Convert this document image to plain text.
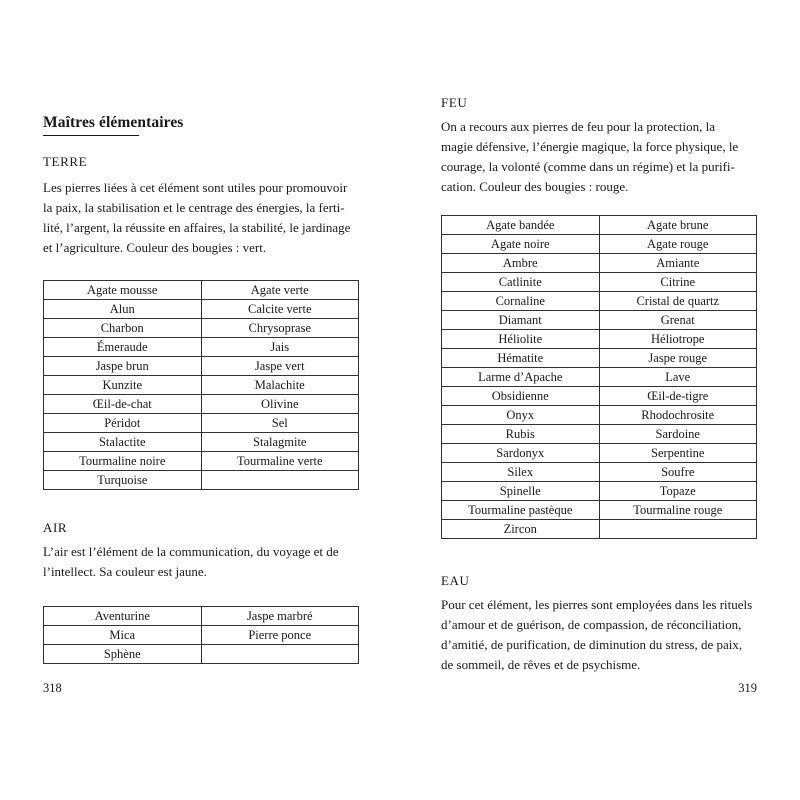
Maîtres élémentaires
TERRE
Les pierres liées à cet élément sont utiles pour promouvoir
la paix, la stabilisation et le centrage des énergies, la ferti-
lité, l’argent, la réussite en affaires, la stabilité, le jardinage
et l’agriculture. Couleur des bougies : vert.
Agate mousse	Agate verte
Alun	Calcite verte
Charbon	Chrysoprase
Émeraude	Jais
Jaspe brun	Jaspe vert
Kunzite	Malachite
Œil-de-chat	Olivine
Péridot	Sel
Stalactite	Stalagmite
Tourmaline noire	Tourmaline verte
Turquoise	
AIR
L’air est l’élément de la communication, du voyage et de
l’intellect. Sa couleur est jaune.
Aventurine	Jaspe marbré
Mica	Pierre ponce
Sphène	
318
FEU
On a recours aux pierres de feu pour la protection, la
magie défensive, l’énergie magique, la force physique, le
courage, la volonté (comme dans un régime) et la purifi-
cation. Couleur des bougies : rouge.
Agate bandée	Agate brune
Agate noire	Agate rouge
Ambre	Amiante
Catlinite	Citrine
Cornaline	Cristal de quartz
Diamant	Grenat
Héliolite	Héliotrope
Hématite	Jaspe rouge
Larme d’Apache	Lave
Obsidienne	Œil-de-tigre
Onyx	Rhodochrosite
Rubis	Sardoine
Sardonyx	Serpentine
Silex	Soufre
Spinelle	Topaze
Tourmaline pastèque	Tourmaline rouge
Zircon	
EAU
Pour cet élément, les pierres sont employées dans les rituels
d’amour et de guérison, de compassion, de réconciliation,
d’amitié, de purification, de diminution du stress, de paix,
de sommeil, de rêves et de psychisme.
319
